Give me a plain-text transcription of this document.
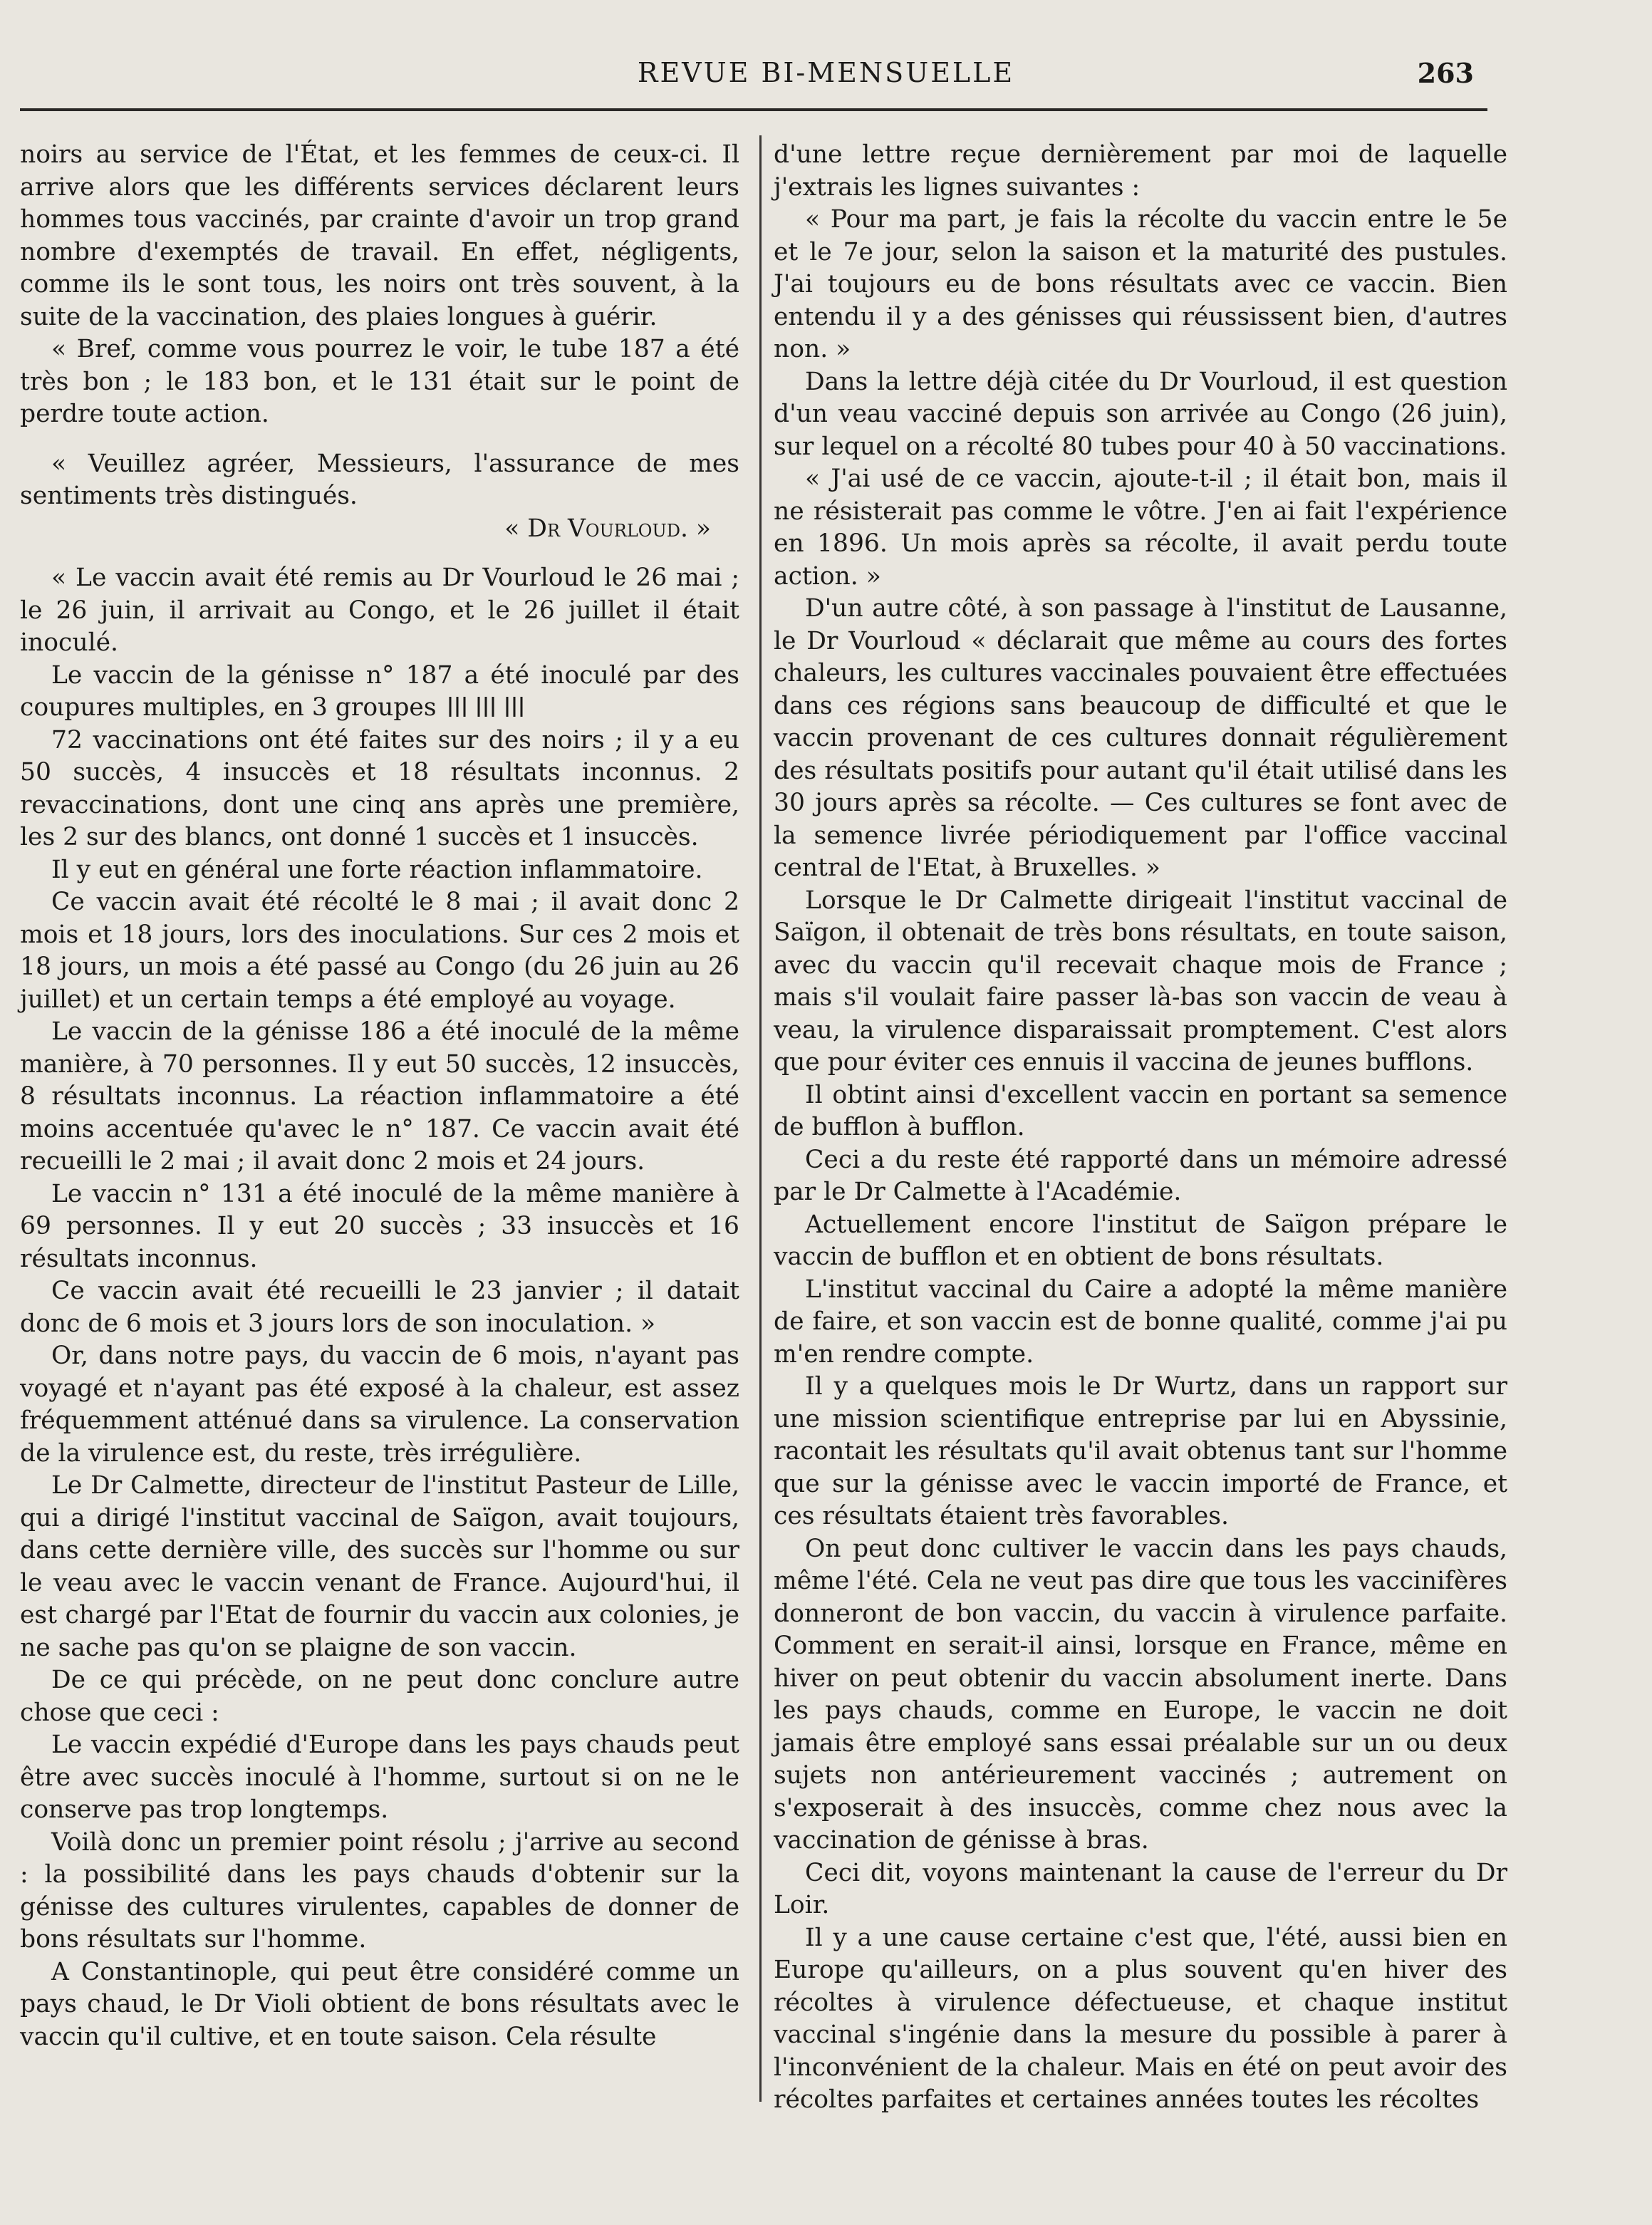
REVUE BI-MENSUELLE	263

noirs au service de l'État, et les femmes de ceux-ci. Il arrive alors que les différents services déclarent leurs hommes tous vaccinés, par crainte d'avoir un trop grand nombre d'exemptés de travail. En effet, négligents, comme ils le sont tous, les noirs ont très souvent, à la suite de la vaccination, des plaies longues à guérir.

« Bref, comme vous pourrez le voir, le tube 187 a été très bon ; le 183 bon, et le 131 était sur le point de perdre toute action.

« Veuillez agréer, Messieurs, l'assurance de mes sentiments très distingués.

« Dr Vourloud. »

« Le vaccin avait été remis au Dr Vourloud le 26 mai ; le 26 juin, il arrivait au Congo, et le 26 juillet il était inoculé.

Le vaccin de la génisse n° 187 a été inoculé par des coupures multiples, en 3 groupes

72 vaccinations ont été faites sur des noirs ; il y a eu 50 succès, 4 insuccès et 18 résultats inconnus. 2 revaccinations, dont une cinq ans après une première, les 2 sur des blancs, ont donné 1 succès et 1 insuccès.

Il y eut en général une forte réaction inflammatoire.

Ce vaccin avait été récolté le 8 mai ; il avait donc 2 mois et 18 jours, lors des inoculations. Sur ces 2 mois et 18 jours, un mois a été passé au Congo (du 26 juin au 26 juillet) et un certain temps a été employé au voyage.

Le vaccin de la génisse 186 a été inoculé de la même manière, à 70 personnes. Il y eut 50 succès, 12 insuccès, 8 résultats inconnus. La réaction inflammatoire a été moins accentuée qu'avec le n° 187. Ce vaccin avait été recueilli le 2 mai ; il avait donc 2 mois et 24 jours.

Le vaccin n° 131 a été inoculé de la même manière à 69 personnes. Il y eut 20 succès ; 33 insuccès et 16 résultats inconnus.

Ce vaccin avait été recueilli le 23 janvier ; il datait donc de 6 mois et 3 jours lors de son inoculation. »

Or, dans notre pays, du vaccin de 6 mois, n'ayant pas voyagé et n'ayant pas été exposé à la chaleur, est assez fréquemment atténué dans sa virulence. La conservation de la virulence est, du reste, très irrégulière.

Le Dr Calmette, directeur de l'institut Pasteur de Lille, qui a dirigé l'institut vaccinal de Saïgon, avait toujours, dans cette dernière ville, des succès sur l'homme ou sur le veau avec le vaccin venant de France. Aujourd'hui, il est chargé par l'Etat de fournir du vaccin aux colonies, je ne sache pas qu'on se plaigne de son vaccin.

De ce qui précède, on ne peut donc conclure autre chose que ceci :

Le vaccin expédié d'Europe dans les pays chauds peut être avec succès inoculé à l'homme, surtout si on ne le conserve pas trop longtemps.

Voilà donc un premier point résolu ; j'arrive au second : la possibilité dans les pays chauds d'obtenir sur la génisse des cultures virulentes, capables de donner de bons résultats sur l'homme.

A Constantinople, qui peut être considéré comme un pays chaud, le Dr Violi obtient de bons résultats avec le vaccin qu'il cultive, et en toute saison. Cela résulte

d'une lettre reçue dernièrement par moi de laquelle j'extrais les lignes suivantes :

« Pour ma part, je fais la récolte du vaccin entre le 5e et le 7e jour, selon la saison et la maturité des pustules. J'ai toujours eu de bons résultats avec ce vaccin. Bien entendu il y a des génisses qui réussissent bien, d'autres non. »

Dans la lettre déjà citée du Dr Vourloud, il est question d'un veau vacciné depuis son arrivée au Congo (26 juin), sur lequel on a récolté 80 tubes pour 40 à 50 vaccinations.

« J'ai usé de ce vaccin, ajoute-t-il ; il était bon, mais il ne résisterait pas comme le vôtre. J'en ai fait l'expérience en 1896. Un mois après sa récolte, il avait perdu toute action. »

D'un autre côté, à son passage à l'institut de Lausanne, le Dr Vourloud « déclarait que même au cours des fortes chaleurs, les cultures vaccinales pouvaient être effectuées dans ces régions sans beaucoup de difficulté et que le vaccin provenant de ces cultures donnait régulièrement des résultats positifs pour autant qu'il était utilisé dans les 30 jours après sa récolte. — Ces cultures se font avec de la semence livrée périodiquement par l'office vaccinal central de l'Etat, à Bruxelles. »

Lorsque le Dr Calmette dirigeait l'institut vaccinal de Saïgon, il obtenait de très bons résultats, en toute saison, avec du vaccin qu'il recevait chaque mois de France ; mais s'il voulait faire passer là-bas son vaccin de veau à veau, la virulence disparaissait promptement. C'est alors que pour éviter ces ennuis il vaccina de jeunes bufflons.

Il obtint ainsi d'excellent vaccin en portant sa semence de bufflon à bufflon.

Ceci a du reste été rapporté dans un mémoire adressé par le Dr Calmette à l'Académie.

Actuellement encore l'institut de Saïgon prépare le vaccin de bufflon et en obtient de bons résultats.

L'institut vaccinal du Caire a adopté la même manière de faire, et son vaccin est de bonne qualité, comme j'ai pu m'en rendre compte.

Il y a quelques mois le Dr Wurtz, dans un rapport sur une mission scientifique entreprise par lui en Abyssinie, racontait les résultats qu'il avait obtenus tant sur l'homme que sur la génisse avec le vaccin importé de France, et ces résultats étaient très favorables.

On peut donc cultiver le vaccin dans les pays chauds, même l'été. Cela ne veut pas dire que tous les vaccinifères donneront de bon vaccin, du vaccin à virulence parfaite. Comment en serait-il ainsi, lorsque en France, même en hiver on peut obtenir du vaccin absolument inerte. Dans les pays chauds, comme en Europe, le vaccin ne doit jamais être employé sans essai préalable sur un ou deux sujets non antérieurement vaccinés ; autrement on s'exposerait à des insuccès, comme chez nous avec la vaccination de génisse à bras.

Ceci dit, voyons maintenant la cause de l'erreur du Dr Loir.

Il y a une cause certaine c'est que, l'été, aussi bien en Europe qu'ailleurs, on a plus souvent qu'en hiver des récoltes à virulence défectueuse, et chaque institut vaccinal s'ingénie dans la mesure du possible à parer à l'inconvénient de la chaleur. Mais en été on peut avoir des récoltes parfaites et certaines années toutes les récoltes
